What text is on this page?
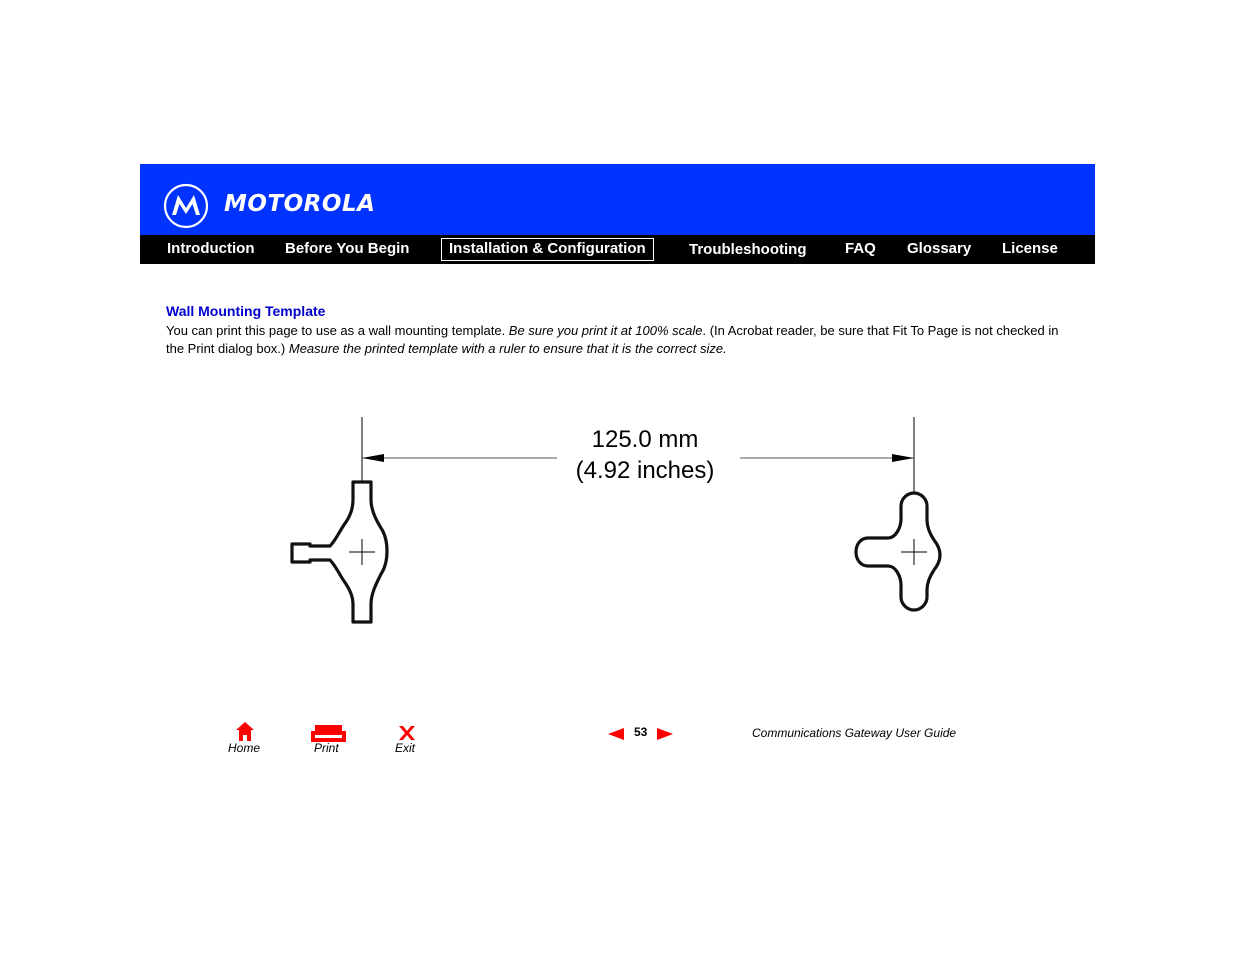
MOTOROLA
Introduction Before You Begin	Installation & Configuration	Troubleshooting	FAQ Glossary License
Wall Mounting Template
You can print this page to use as a wall mounting template. Be sure you print it at 100% scale. (In Acrobat reader, be sure that Fit To Page is not checked in the Print dialog box.) Measure the printed template with a ruler to ensure that it is the correct size.
125.0 mm
(4.92 inches)
Home	Print	Exit
53	Communications Gateway User Guide
